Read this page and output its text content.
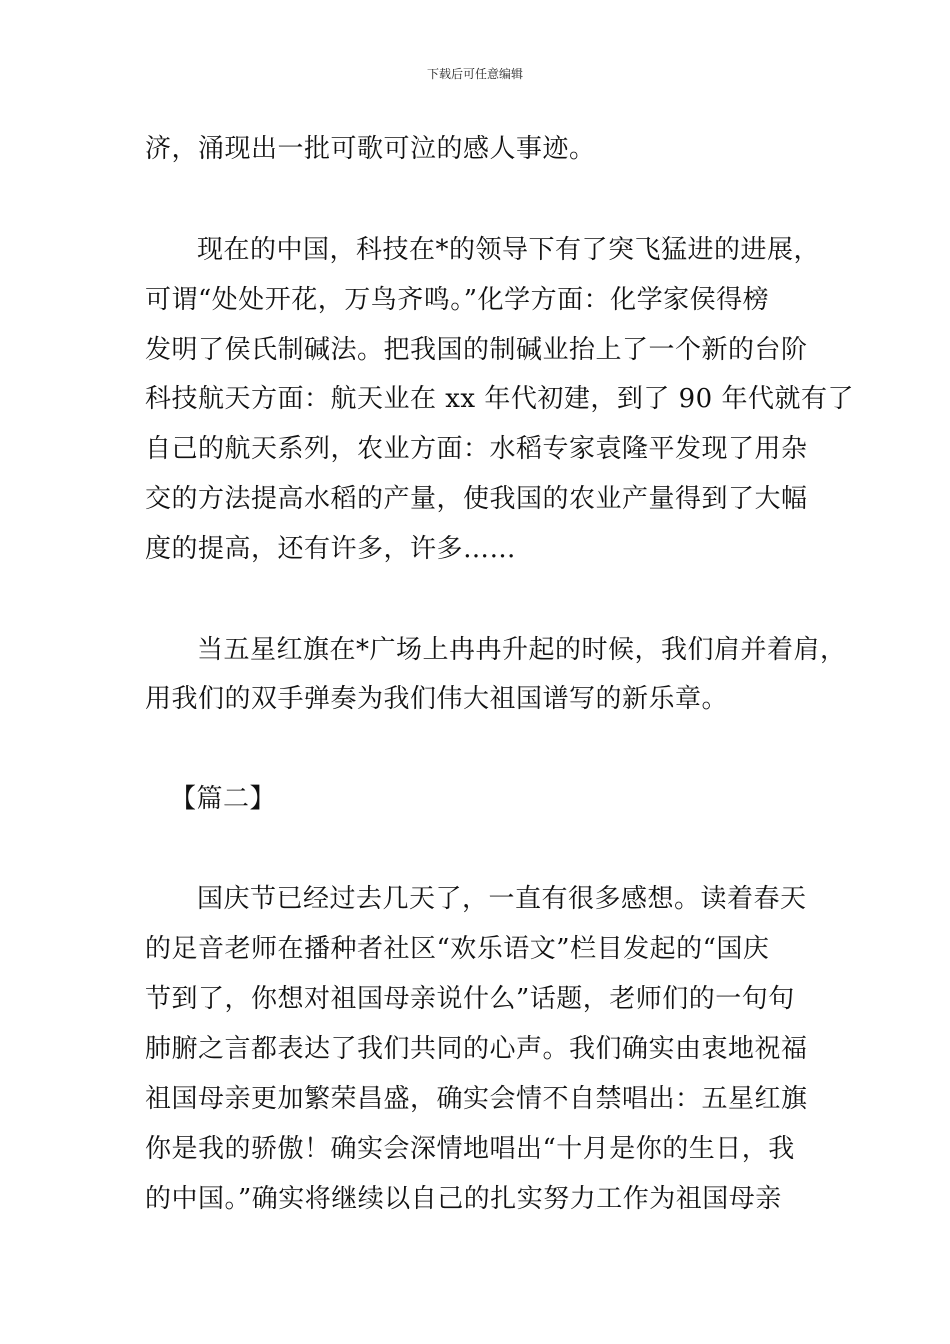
下载后可任意编辑
济，涌现出一批可歌可泣的感人事迹。
现在的中国，科技在*的领导下有了突飞猛进的进展，
可谓“处处开花，万鸟齐鸣。”化学方面：化学家侯得榜
发明了侯氏制碱法。把我国的制碱业抬上了一个新的台阶
科技航天方面：航天业在 xx 年代初建，到了 90 年代就有了
自己的航天系列，农业方面：水稻专家袁隆平发现了用杂
交的方法提高水稻的产量，使我国的农业产量得到了大幅
度的提高，还有许多，许多……
当五星红旗在*广场上冉冉升起的时候，我们肩并着肩，
用我们的双手弹奏为我们伟大祖国谱写的新乐章。
【篇二】
国庆节已经过去几天了，一直有很多感想。读着春天
的足音老师在播种者社区“欢乐语文”栏目发起的“国庆
节到了，你想对祖国母亲说什么”话题，老师们的一句句
肺腑之言都表达了我们共同的心声。我们确实由衷地祝福
祖国母亲更加繁荣昌盛，确实会情不自禁唱出：五星红旗
你是我的骄傲！确实会深情地唱出“十月是你的生日，我
的中国。”确实将继续以自己的扎实努力工作为祖国母亲
